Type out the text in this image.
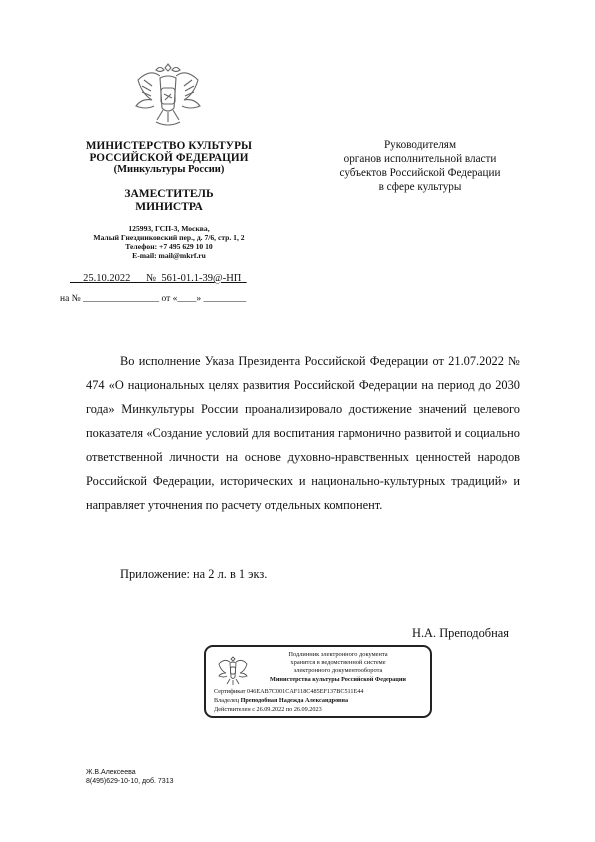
МИНИСТЕРСТВО КУЛЬТУРЫ
РОССИЙСКОЙ ФЕДЕРАЦИИ
(Минкультуры России)
ЗАМЕСТИТЕЛЬ
МИНИСТРА
125993, ГСП-3, Москва,
Малый Гнездниковский пер., д. 7/6, стр. 1, 2
Телефон: +7 495 629 10 10
E-mail: mail@mkrf.ru
25.10.2022 № 561-01.1-39@-НП
на № ________________ от «____» _________
Руководителям
органов исполнительной власти
субъектов Российской Федерации
в сфере культуры

Во исполнение Указа Президента Российской Федерации от 21.07.2022 № 474 «О национальных целях развития Российской Федерации на период до 2030 года» Минкультуры России проанализировало достижение значений целевого показателя «Создание условий для воспитания гармонично развитой и социально ответственной личности на основе духовно-нравственных ценностей народов Российской Федерации, исторических и национально-культурных традиций» и направляет уточнения по расчету отдельных компонент.

Приложение: на 2 л. в 1 экз.
Н.А. Преподобная
Подлинник электронного документа
хранится в ведомственной системе
электронного документооборота
Министерства культуры Российской Федерации
Сертификат 046EAB7C001CAF118C485EF137BC511E44
Владелец Преподобная Надежда Александровна
Действителен с 26.09.2022 по 26.09.2023
Ж.В.Алексеева
8(495)629-10-10, доб. 7313
